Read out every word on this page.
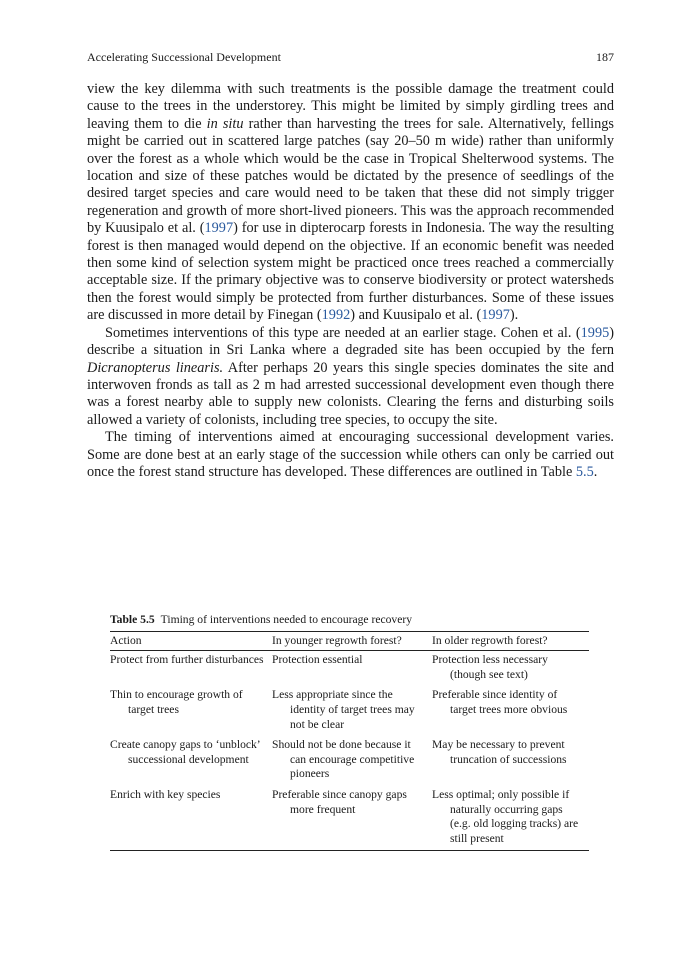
Accelerating Successional Development	187

view the key dilemma with such treatments is the possible damage the treatment could cause to the trees in the understorey. This might be limited by simply girdling trees and leaving them to die in situ rather than harvesting the trees for sale. Alternatively, fellings might be carried out in scattered large patches (say 20–50 m wide) rather than uniformly over the forest as a whole which would be the case in Tropical Shelterwood systems. The location and size of these patches would be dictated by the presence of seedlings of the desired target species and care would need to be taken that these did not simply trigger regeneration and growth of more short-lived pioneers. This was the approach recommended by Kuusipalo et al. (1997) for use in dipterocarp forests in Indonesia. The way the resulting forest is then managed would depend on the objective. If an economic benefit was needed then some kind of selection system might be practiced once trees reached a commercially acceptable size. If the primary objective was to conserve biodiversity or protect watersheds then the forest would simply be protected from further disturbances. Some of these issues are discussed in more detail by Finegan (1992) and Kuusipalo et al. (1997).

Sometimes interventions of this type are needed at an earlier stage. Cohen et al. (1995) describe a situation in Sri Lanka where a degraded site has been occupied by the fern Dicranopterus linearis. After perhaps 20 years this single species dominates the site and interwoven fronds as tall as 2 m had arrested successional development even though there was a forest nearby able to supply new colonists. Clearing the ferns and disturbing soils allowed a variety of colonists, including tree species, to occupy the site.

The timing of interventions aimed at encouraging successional development varies. Some are done best at an early stage of the succession while others can only be carried out once the forest stand structure has developed. These differences are outlined in Table 5.5.

Table 5.5 Timing of interventions needed to encourage recovery
Action	In younger regrowth forest?	In older regrowth forest?

Protect from further disturbances	Protection essential	Protection less necessary (though see text)

Thin to encourage growth of target trees	Less appropriate since the identity of target trees may not be clear	Preferable since identity of target trees more obvious

Create canopy gaps to ‘unblock’ successional development	Should not be done because it can encourage competitive pioneers	May be necessary to prevent truncation of successions

Enrich with key species	Preferable since canopy gaps more frequent	Less optimal; only possible if naturally occurring gaps (e.g. old logging tracks) are still present
